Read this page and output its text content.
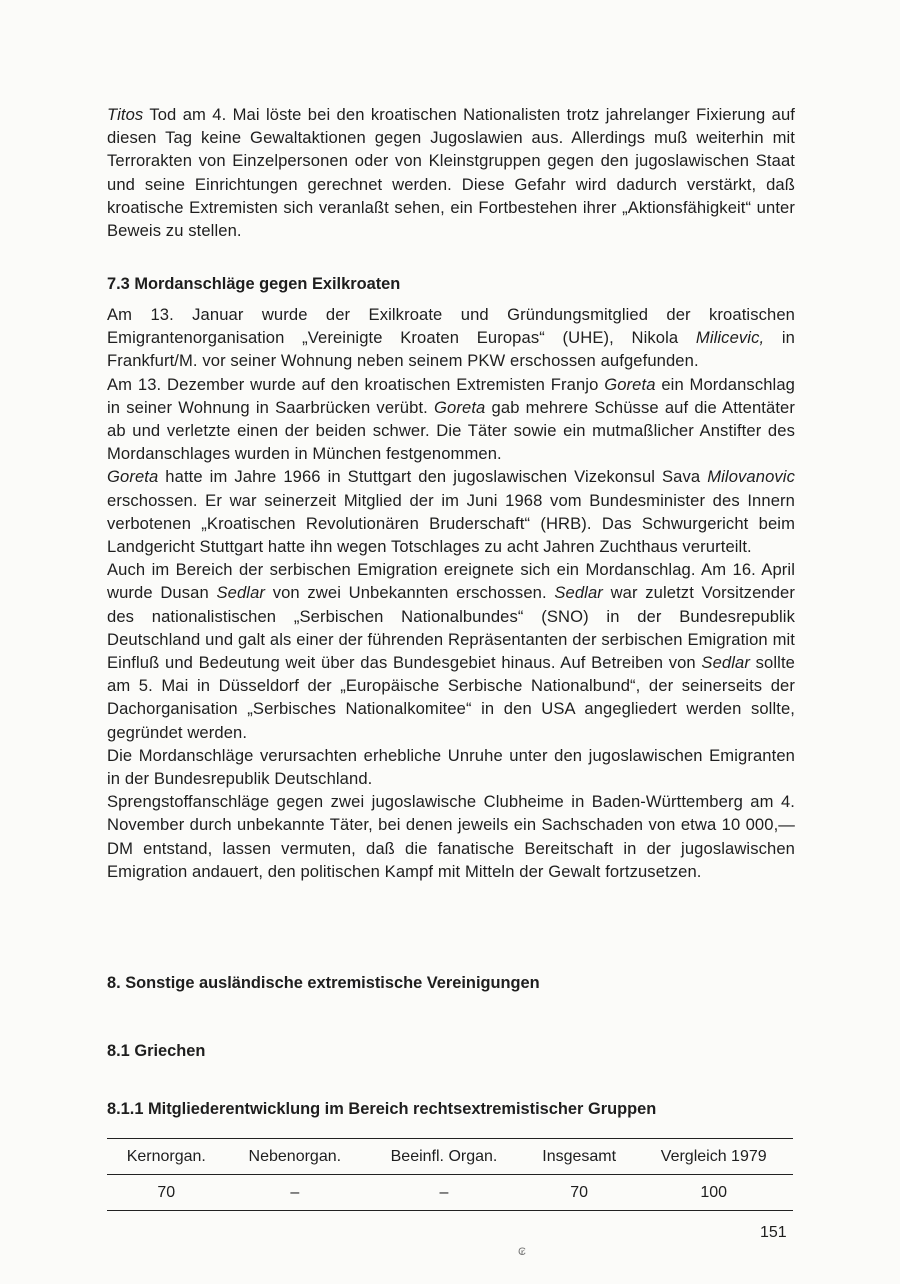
Titos Tod am 4. Mai löste bei den kroatischen Nationalisten trotz jahrelanger Fixierung auf diesen Tag keine Gewaltaktionen gegen Jugoslawien aus. Allerdings muß weiterhin mit Terrorakten von Einzelpersonen oder von Kleinstgruppen gegen den jugoslawischen Staat und seine Einrichtungen gerechnet werden. Diese Gefahr wird dadurch verstärkt, daß kroatische Extremisten sich veranlaßt sehen, ein Fortbestehen ihrer „Aktionsfähigkeit“ unter Beweis zu stellen.

7.3 Mordanschläge gegen Exilkroaten

Am 13. Januar wurde der Exilkroate und Gründungsmitglied der kroatischen Emigrantenorganisation „Vereinigte Kroaten Europas“ (UHE), Nikola Milicevic, in Frankfurt/M. vor seiner Wohnung neben seinem PKW erschossen aufgefunden.

Am 13. Dezember wurde auf den kroatischen Extremisten Franjo Goreta ein Mordanschlag in seiner Wohnung in Saarbrücken verübt. Goreta gab mehrere Schüsse auf die Attentäter ab und verletzte einen der beiden schwer. Die Täter sowie ein mutmaßlicher Anstifter des Mordanschlages wurden in München festgenommen.

Goreta hatte im Jahre 1966 in Stuttgart den jugoslawischen Vizekonsul Sava Milovanovic erschossen. Er war seinerzeit Mitglied der im Juni 1968 vom Bundesminister des Innern verbotenen „Kroatischen Revolutionären Bruderschaft“ (HRB). Das Schwurgericht beim Landgericht Stuttgart hatte ihn wegen Totschlages zu acht Jahren Zuchthaus verurteilt.

Auch im Bereich der serbischen Emigration ereignete sich ein Mordanschlag. Am 16. April wurde Dusan Sedlar von zwei Unbekannten erschossen. Sedlar war zuletzt Vorsitzender des nationalistischen „Serbischen Nationalbundes“ (SNO) in der Bundesrepublik Deutschland und galt als einer der führenden Repräsentanten der serbischen Emigration mit Einfluß und Bedeutung weit über das Bundesgebiet hinaus. Auf Betreiben von Sedlar sollte am 5. Mai in Düsseldorf der „Europäische Serbische Nationalbund“, der seinerseits der Dachorganisation „Serbisches Nationalkomitee“ in den USA angegliedert werden sollte, gegründet werden.

Die Mordanschläge verursachten erhebliche Unruhe unter den jugoslawischen Emigranten in der Bundesrepublik Deutschland.

Sprengstoffanschläge gegen zwei jugoslawische Clubheime in Baden-Württemberg am 4. November durch unbekannte Täter, bei denen jeweils ein Sachschaden von etwa 10 000,— DM entstand, lassen vermuten, daß die fanatische Bereitschaft in der jugoslawischen Emigration andauert, den politischen Kampf mit Mitteln der Gewalt fortzusetzen.

8. Sonstige ausländische extremistische Vereinigungen
8.1 Griechen
8.1.1 Mitgliederentwicklung im Bereich rechtsextremistischer Gruppen
Kernorgan.	Nebenorgan.	Beeinfl. Organ.	Insgesamt	Vergleich 1979
70	–	–	70	100
151
₢
